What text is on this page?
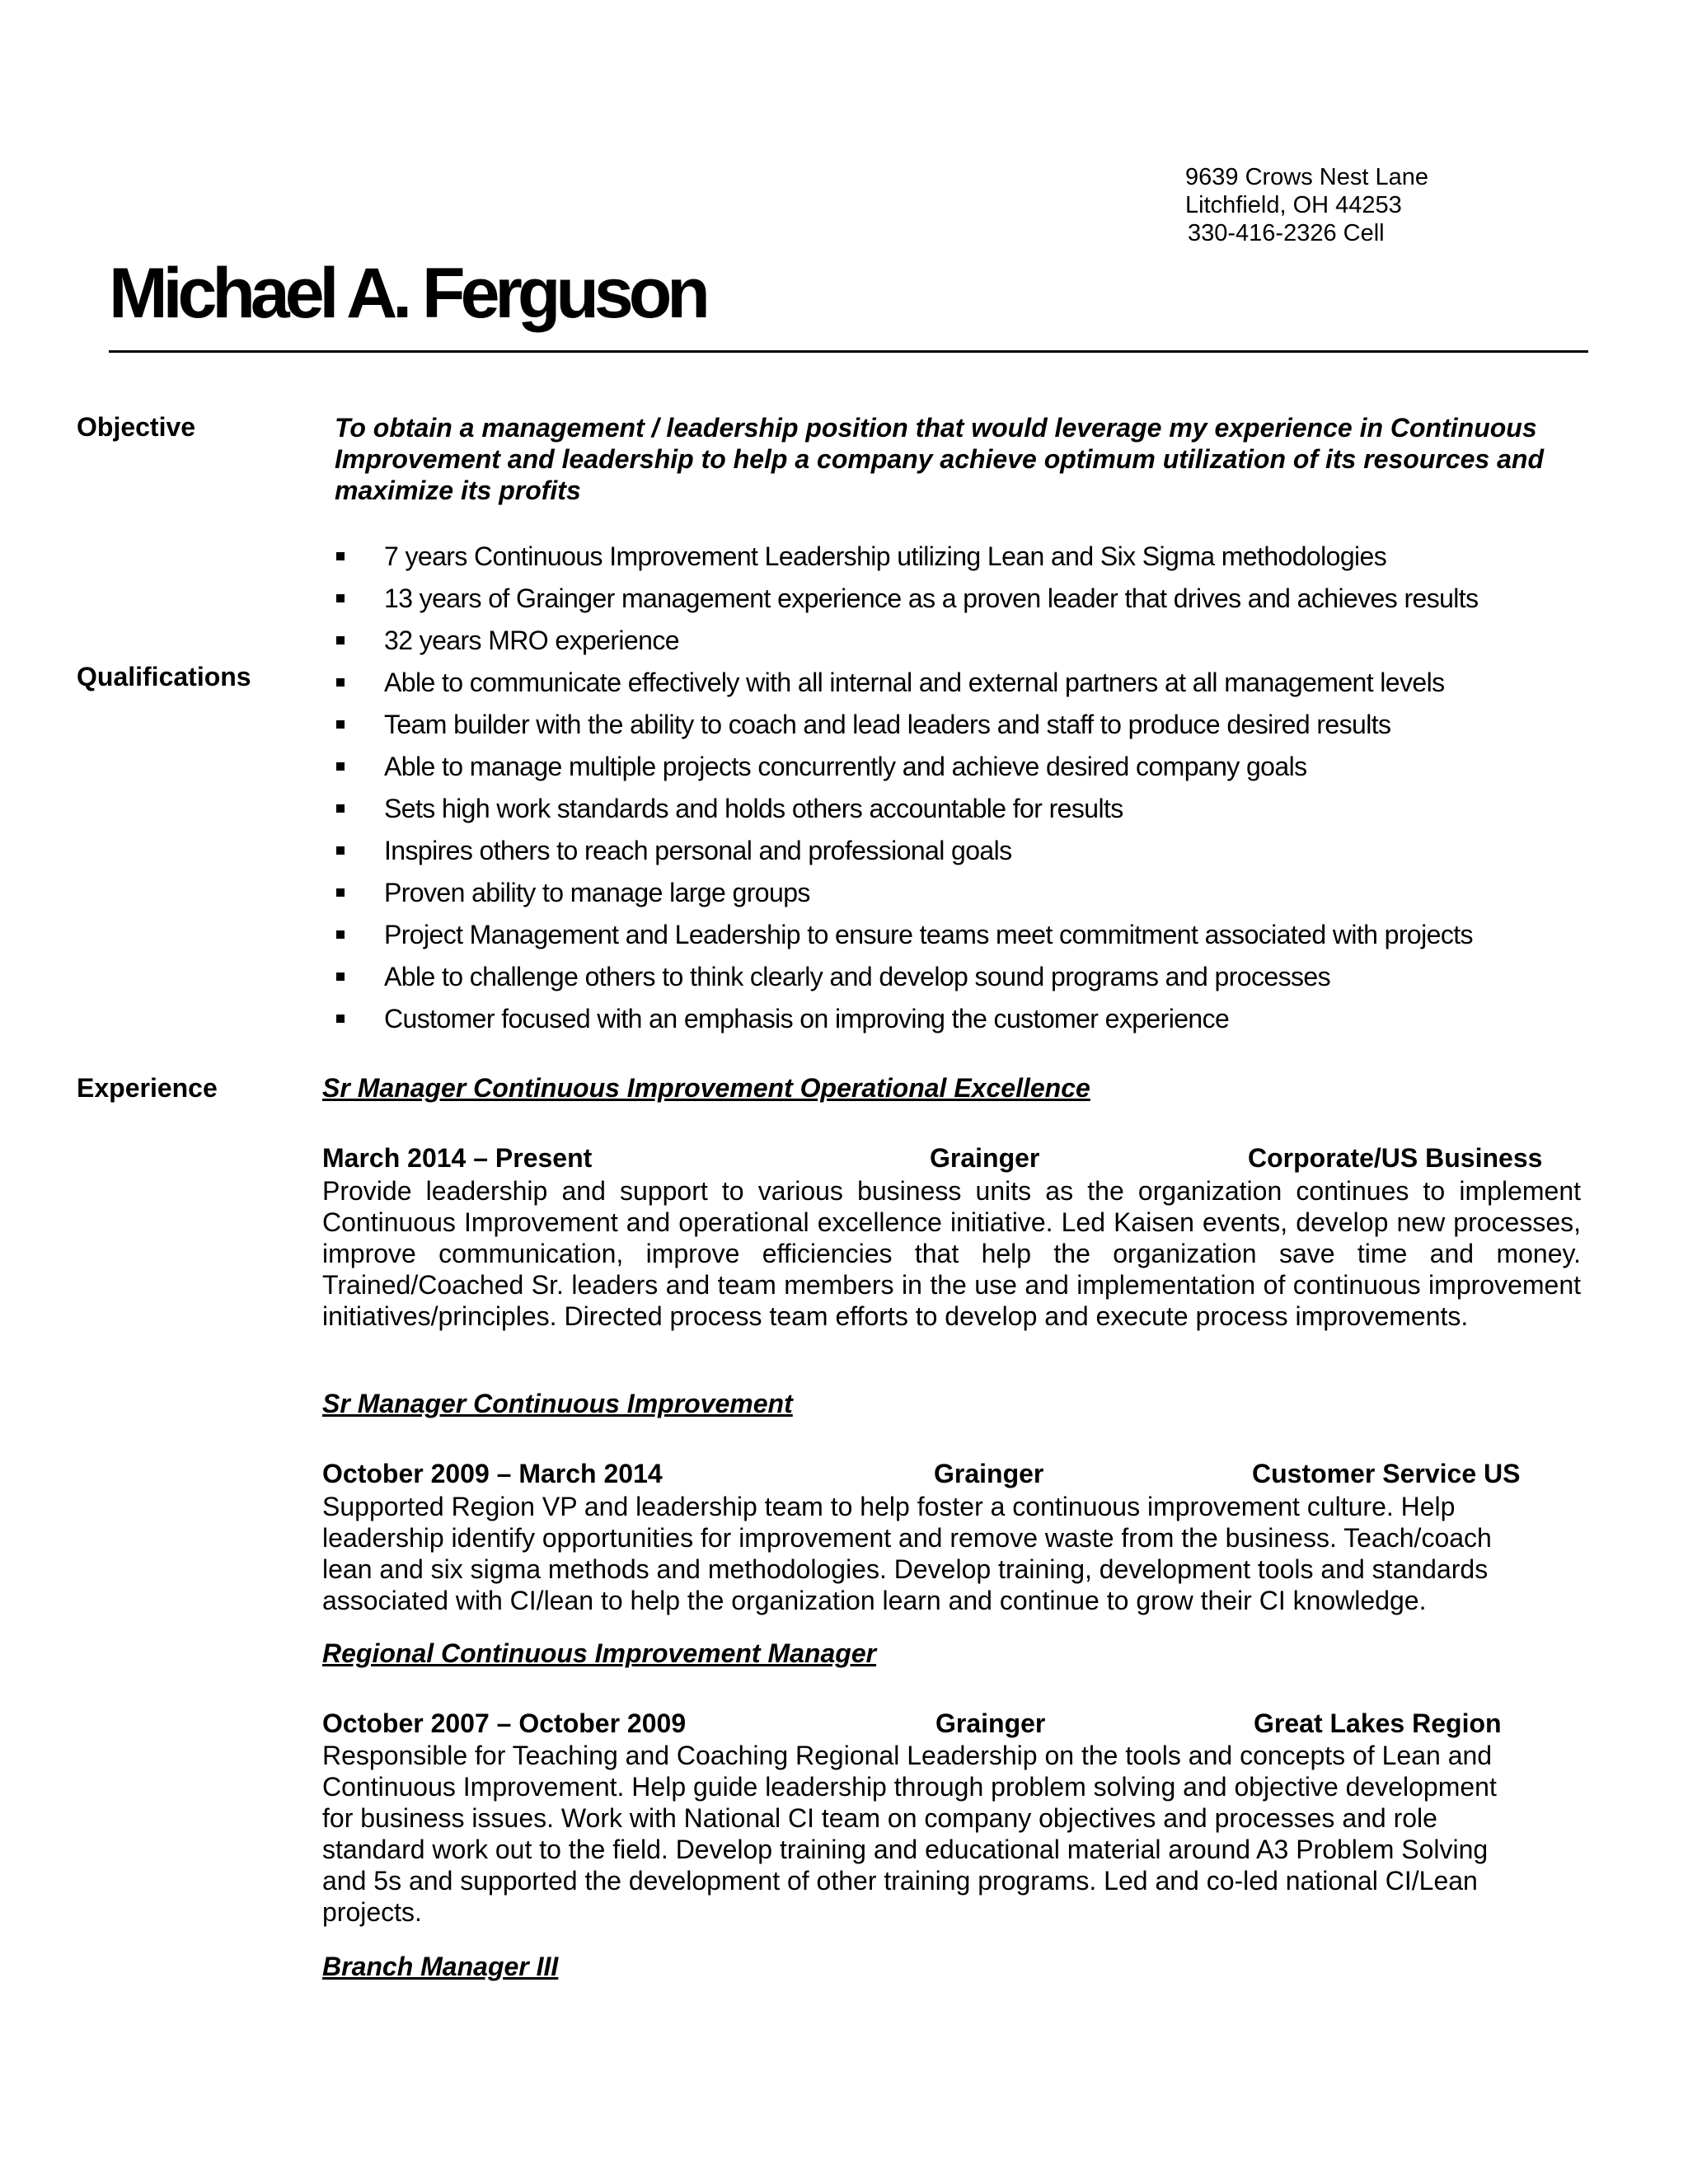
9639 Crows Nest Lane
Litchfield, OH 44253
330-416-2326 Cell
Michael A. Ferguson
Objective	To obtain a management / leadership position that would leverage my experience in Continuous Improvement and leadership to help a company achieve optimum utilization of its resources and maximize its profits
Qualifications
7 years Continuous Improvement Leadership utilizing Lean and Six Sigma methodologies
13 years of Grainger management experience as a proven leader that drives and achieves results
32 years MRO experience
Able to communicate effectively with all internal and external partners at all management levels
Team builder with the ability to coach and lead leaders and staff to produce desired results
Able to manage multiple projects concurrently and achieve desired company goals
Sets high work standards and holds others accountable for results
Inspires others to reach personal and professional goals
Proven ability to manage large groups
Project Management and Leadership to ensure teams meet commitment associated with projects
Able to challenge others to think clearly and develop sound programs and processes
Customer focused with an emphasis on improving the customer experience
Experience	Sr Manager Continuous Improvement Operational Excellence
March 2014 – Present	Grainger	Corporate/US Business
Provide leadership and support to various business units as the organization continues to implement Continuous Improvement and operational excellence initiative. Led Kaisen events, develop new processes, improve communication, improve efficiencies that help the organization save time and money. Trained/Coached Sr. leaders and team members in the use and implementation of continuous improvement initiatives/principles. Directed process team efforts to develop and execute process improvements.
Sr Manager Continuous Improvement
October 2009 – March 2014	Grainger	Customer Service US
Supported Region VP and leadership team to help foster a continuous improvement culture. Help
leadership identify opportunities for improvement and remove waste from the business. Teach/coach
lean and six sigma methods and methodologies. Develop training, development tools and standards
associated with CI/lean to help the organization learn and continue to grow their CI knowledge.
Regional Continuous Improvement Manager
October 2007 – October 2009	Grainger	Great Lakes Region
Responsible for Teaching and Coaching Regional Leadership on the tools and concepts of Lean and
Continuous Improvement. Help guide leadership through problem solving and objective development
for business issues. Work with National CI team on company objectives and processes and role
standard work out to the field. Develop training and educational material around A3 Problem Solving
and 5s and supported the development of other training programs. Led and co-led national CI/Lean
projects.
Branch Manager III
